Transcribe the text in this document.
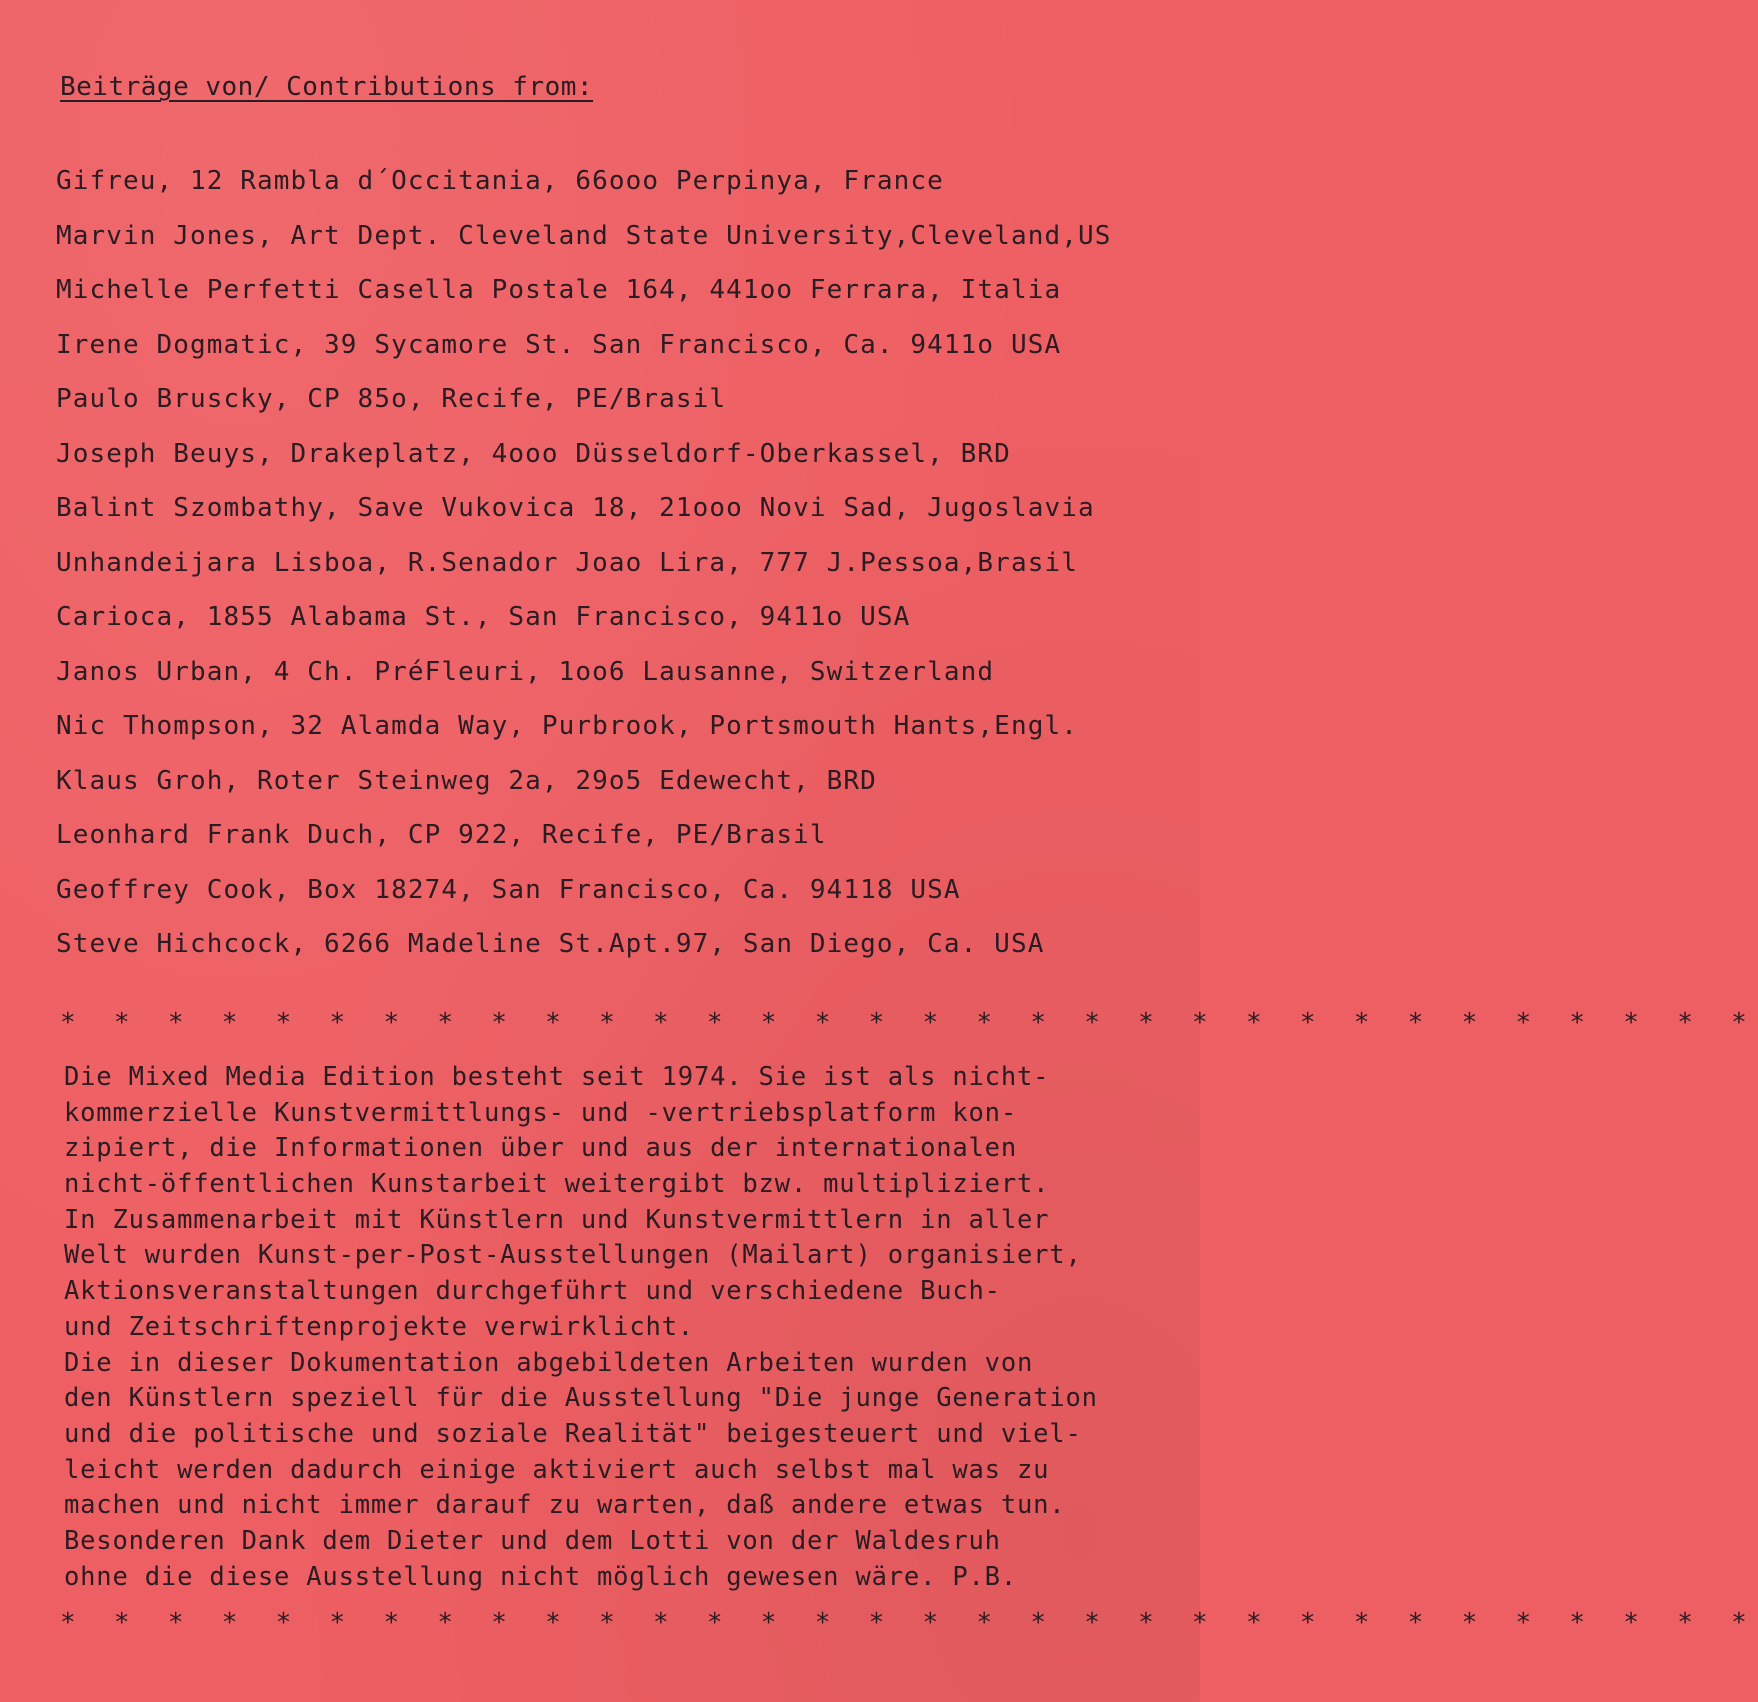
Beiträge von/ Contributions from:
Gifreu, 12 Rambla d´Occitania, 66ooo Perpinya, France
Marvin Jones, Art Dept. Cleveland State University,Cleveland,US
Michelle Perfetti Casella Postale 164, 441oo Ferrara, Italia
Irene Dogmatic, 39 Sycamore St. San Francisco, Ca. 9411o USA
Paulo Bruscky, CP 85o, Recife, PE/Brasil
Joseph Beuys, Drakeplatz, 4ooo Düsseldorf-Oberkassel, BRD
Balint Szombathy, Save Vukovica 18, 21ooo Novi Sad, Jugoslavia
Unhandeijara Lisboa, R.Senador Joao Lira, 777 J.Pessoa,Brasil
Carioca, 1855 Alabama St., San Francisco, 9411o USA
Janos Urban, 4 Ch. PréFleuri, 1oo6 Lausanne, Switzerland
Nic Thompson, 32 Alamda Way, Purbrook, Portsmouth Hants,Engl.
Klaus Groh, Roter Steinweg 2a, 29o5 Edewecht, BRD
Leonhard Frank Duch, CP 922, Recife, PE/Brasil
Geoffrey Cook, Box 18274, San Francisco, Ca. 94118 USA
Steve Hichcock, 6266 Madeline St.Apt.97, San Diego, Ca. USA
* * * * * * * * * * * * * * * * * * * * * * * * * * * * * * * *
Die Mixed Media Edition besteht seit 1974. Sie ist als nicht-
kommerzielle Kunstvermittlungs- und -vertriebsplatform kon-
zipiert, die Informationen über und aus der internationalen
nicht-öffentlichen Kunstarbeit weitergibt bzw. multipliziert.
In Zusammenarbeit mit Künstlern und Kunstvermittlern in aller
Welt wurden Kunst-per-Post-Ausstellungen (Mailart) organisiert,
Aktionsveranstaltungen durchgeführt und verschiedene Buch-
und Zeitschriftenprojekte verwirklicht.
Die in dieser Dokumentation abgebildeten Arbeiten wurden von
den Künstlern speziell für die Ausstellung "Die junge Generation
und die politische und soziale Realität" beigesteuert und viel-
leicht werden dadurch einige aktiviert auch selbst mal was zu
machen und nicht immer darauf zu warten, daß andere etwas tun.
Besonderen Dank dem Dieter und dem Lotti von der Waldesruh
ohne die diese Ausstellung nicht möglich gewesen wäre. P.B.
* * * * * * * * * * * * * * * * * * * * * * * * * * * * * * * *
